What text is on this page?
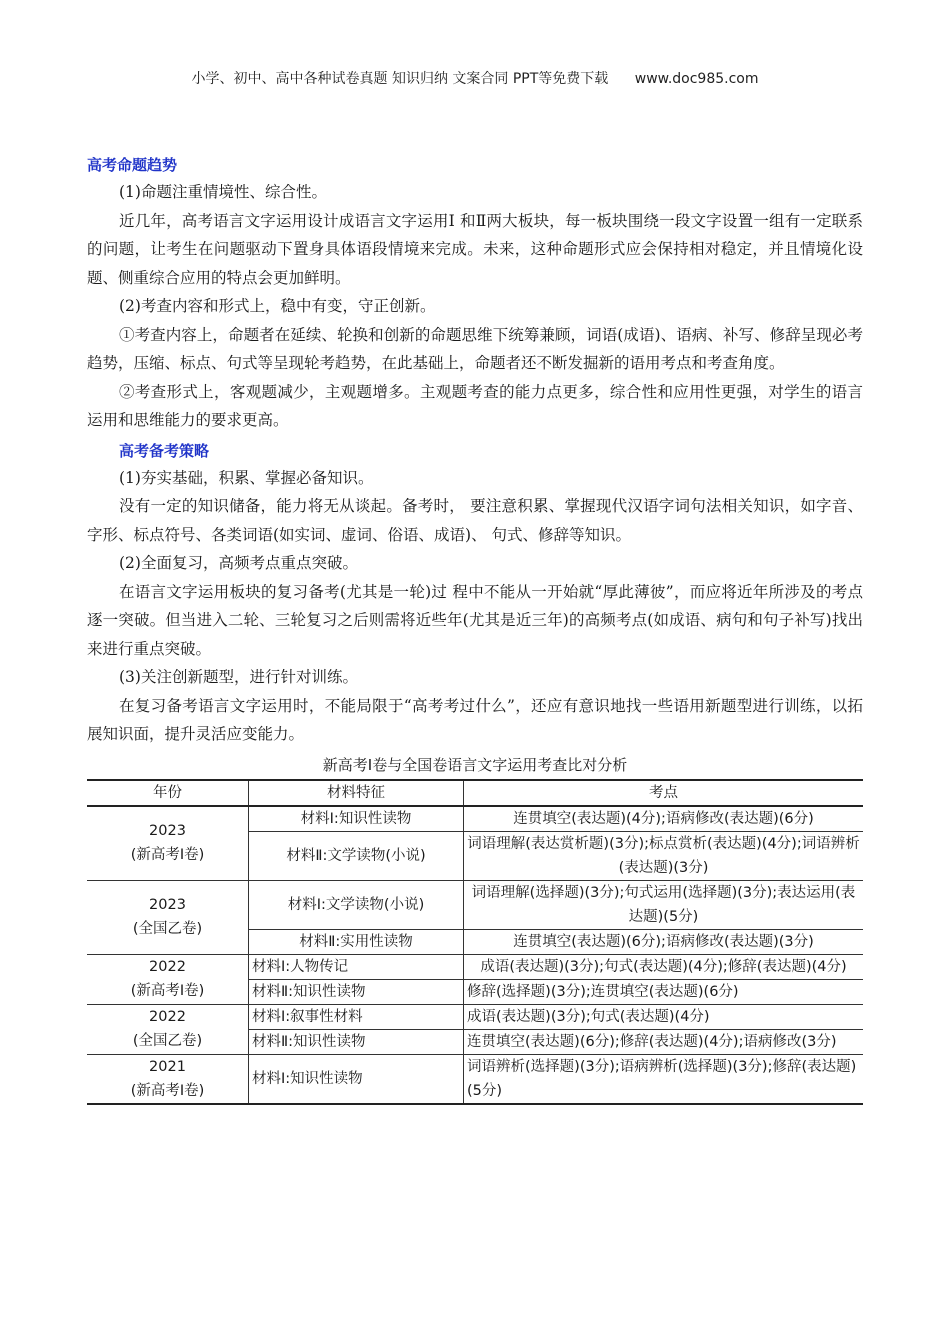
小学、初中、高中各种试卷真题 知识归纳 文案合同 PPT等免费下载 www.doc985.com
高考命题趋势

(1)命题注重情境性、综合性。

近几年，高考语言文字运用设计成语言文字运用Ⅰ 和Ⅱ两大板块，每一板块围绕一段文字设置一组有一定联系的问题，让考生在问题驱动下置身具体语段情境来完成。未来，这种命题形式应会保持相对稳定，并且情境化设题、侧重综合应用的特点会更加鲜明。

(2)考查内容和形式上，稳中有变，守正创新。

①考查内容上，命题者在延续、轮换和创新的命题思维下统筹兼顾，词语(成语)、语病、补写、修辞呈现必考趋势，压缩、标点、句式等呈现轮考趋势，在此基础上，命题者还不断发掘新的语用考点和考查角度。

②考查形式上，客观题减少，主观题增多。主观题考查的能力点更多，综合性和应用性更强，对学生的语言 运用和思维能力的要求更高。

高考备考策略

(1)夯实基础，积累、掌握必备知识。

没有一定的知识储备，能力将无从谈起。备考时， 要注意积累、掌握现代汉语字词句法相关知识，如字音、 字形、标点符号、各类词语(如实词、虚词、俗语、成语)、 句式、修辞等知识。

(2)全面复习，高频考点重点突破。

在语言文字运用板块的复习备考(尤其是一轮)过 程中不能从一开始就“厚此薄彼”，而应将近年所涉及的考点逐一突破。但当进入二轮、三轮复习之后则需将近些年(尤其是近三年)的高频考点(如成语、病句和句子补写)找出来进行重点突破。

(3)关注创新题型，进行针对训练。

在复习备考语言文字运用时，不能局限于“高考考过什么”，还应有意识地找一些语用新题型进行训练，以拓展知识面，提升灵活应变能力。

新高考Ⅰ卷与全国卷语言文字运用考查比对分析
年份	材料特征	考点

2023
(新高考Ⅰ卷)	材料Ⅰ:知识性读物	连贯填空(表达题)(4分);语病修改(表达题)(6分)
	材料Ⅱ:文学读物(小说)	词语理解(表达赏析题)(3分);标点赏析(表达题)(4分);词语辨析(表达题)(3分)

2023
(全国乙卷)	材料Ⅰ:文学读物(小说)	词语理解(选择题)(3分);句式运用(选择题)(3分);表达运用(表达题)(5分)
	材料Ⅱ:实用性读物	连贯填空(表达题)(6分);语病修改(表达题)(3分)

2022
(新高考Ⅰ卷)	材料Ⅰ:人物传记	成语(表达题)(3分);句式(表达题)(4分);修辞(表达题)(4分)
	材料Ⅱ:知识性读物	修辞(选择题)(3分);连贯填空(表达题)(6分)

2022
(全国乙卷)	材料Ⅰ:叙事性材料	成语(表达题)(3分);句式(表达题)(4分)
	材料Ⅱ:知识性读物	连贯填空(表达题)(6分);修辞(表达题)(4分);语病修改(3分)

2021
(新高考Ⅰ卷)	材料Ⅰ:知识性读物	词语辨析(选择题)(3分);语病辨析(选择题)(3分);修辞(表达题)(5分)
